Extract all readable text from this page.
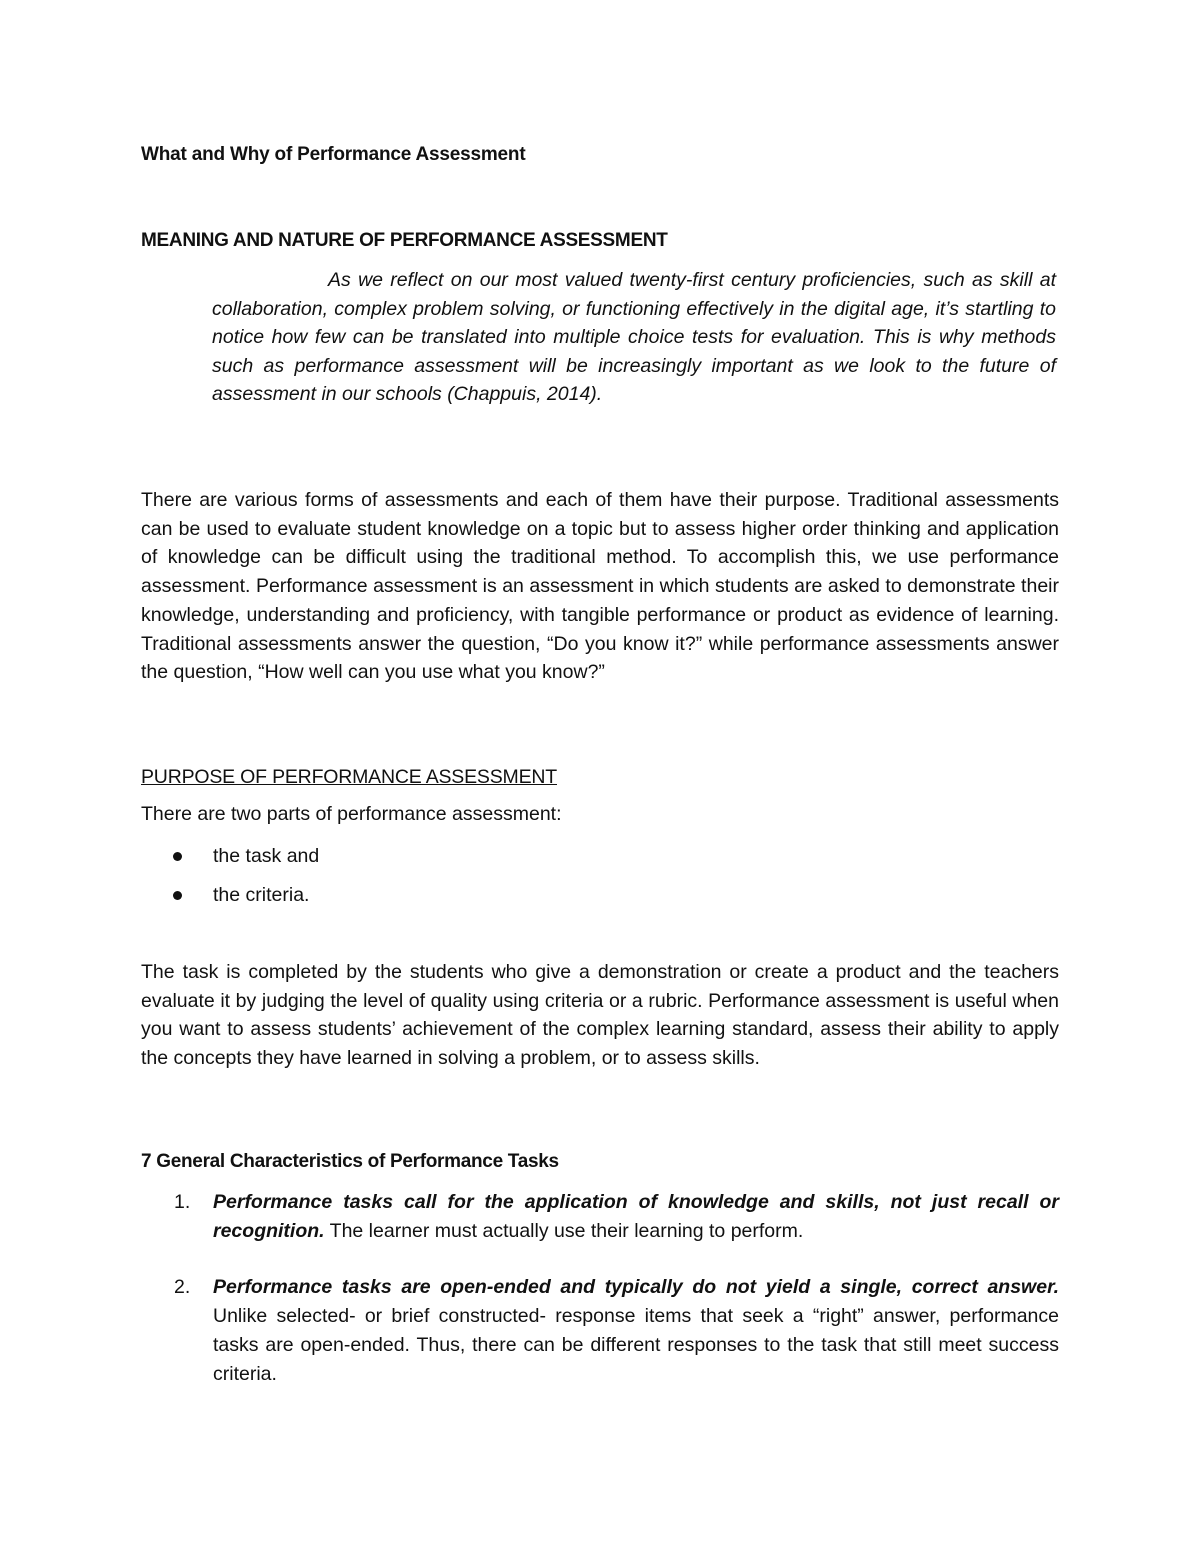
What and Why of Performance Assessment

MEANING AND NATURE OF PERFORMANCE ASSESSMENT

As we reflect on our most valued twenty-first century proficiencies, such as skill at collaboration, complex problem solving, or functioning effectively in the digital age, it’s startling to notice how few can be translated into multiple choice tests for evaluation. This is why methods such as performance assessment will be increasingly important as we look to the future of assessment in our schools (Chappuis, 2014).

There are various forms of assessments and each of them have their purpose. Traditional assessments can be used to evaluate student knowledge on a topic but to assess higher order thinking and application of knowledge can be difficult using the traditional method. To accomplish this, we use performance assessment. Performance assessment is an assessment in which students are asked to demonstrate their knowledge, understanding and proficiency, with tangible performance or product as evidence of learning. Traditional assessments answer the question, “Do you know it?” while performance assessments answer the question, “How well can you use what you know?”

PURPOSE OF PERFORMANCE ASSESSMENT

There are two parts of performance assessment:

the task and
the criteria.

The task is completed by the students who give a demonstration or create a product and the teachers evaluate it by judging the level of quality using criteria or a rubric. Performance assessment is useful when you want to assess students’ achievement of the complex learning standard, assess their ability to apply the concepts they have learned in solving a problem, or to assess skills.

7 General Characteristics of Performance Tasks

1. Performance tasks call for the application of knowledge and skills, not just recall or recognition. The learner must actually use their learning to perform.
2. Performance tasks are open-ended and typically do not yield a single, correct answer. Unlike selected- or brief constructed- response items that seek a “right” answer, performance tasks are open-ended. Thus, there can be different responses to the task that still meet success criteria.
